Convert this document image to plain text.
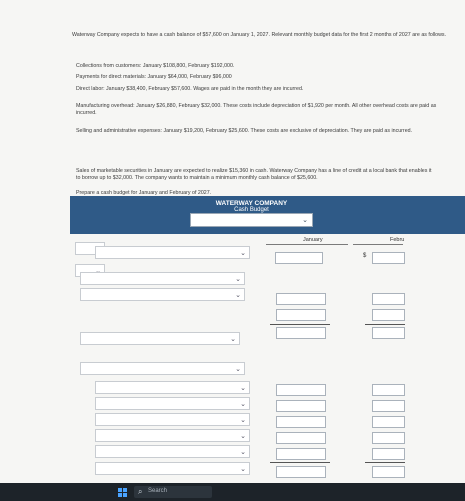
Waterway Company expects to have a cash balance of $57,600 on January 1, 2027. Relevant monthly budget data for the first 2 months of 2027 are as follows.

Collections from customers: January $108,800, February $192,000.

Payments for direct materials: January $64,000, February $96,000

Direct labor: January $38,400, February $57,600. Wages are paid in the month they are incurred.

Manufacturing overhead: January $26,880, February $32,000. These costs include depreciation of $1,920 per month. All other overhead costs are paid as incurred.

Selling and administrative expenses: January $19,200, February $25,600. These costs are exclusive of depreciation. They are paid as incurred.

Sales of marketable securities in January are expected to realize $15,360 in cash. Waterway Company has a line of credit at a local bank that enables it to borrow up to $32,000. The company wants to maintain a minimum monthly cash balance of $25,600.

Prepare a cash budget for January and February of 2027.

WATERWAY COMPANY
Cash Budget
⌄
January	Febru
⌄	$
⌄
⌄
⌄
⌄
⌄
⌄
⌄
⌄
⌄
⌄
⌕ Search
